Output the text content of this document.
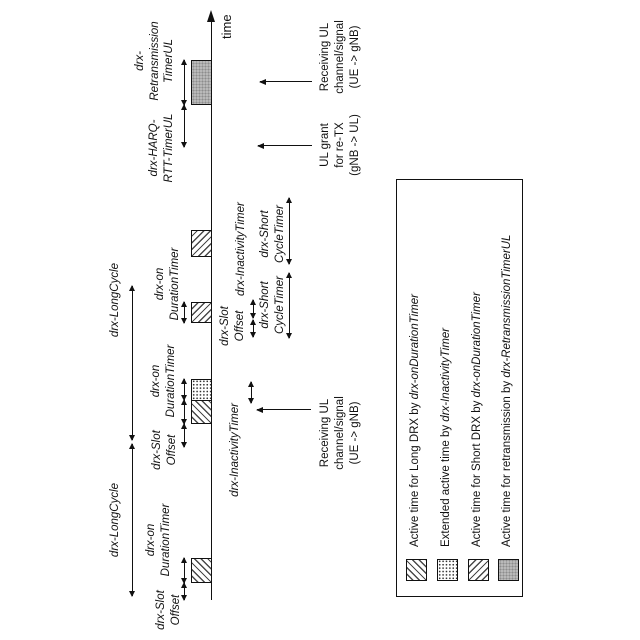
time
drx-Slot Offset
drx-on DurationTimer
drx-LongCycle
drx-Slot Offset
drx-on DurationTimer
drx-LongCycle	drx-on DurationTimer
drx-HARQ- RTT-TimerUL
drx- Retransmission TimerUL
drx-InactivityTimer
drx-Slot Offset
drx-InactivityTimer
drx-Short CycleTimer
drx-Short CycleTimer
Receiving UL channel/signal (UE -> gNB)
UL grant for re-TX (gNB -> UL)
Receiving UL channel/signal (UE -> gNB)
Active time for Long DRX by drx-onDurationTimer
Extended active time by drx-InactivityTimer
Active time for Short DRX by drx-onDurationTimer
Active time for retransmission by drx-RetransmissionTimerUL
